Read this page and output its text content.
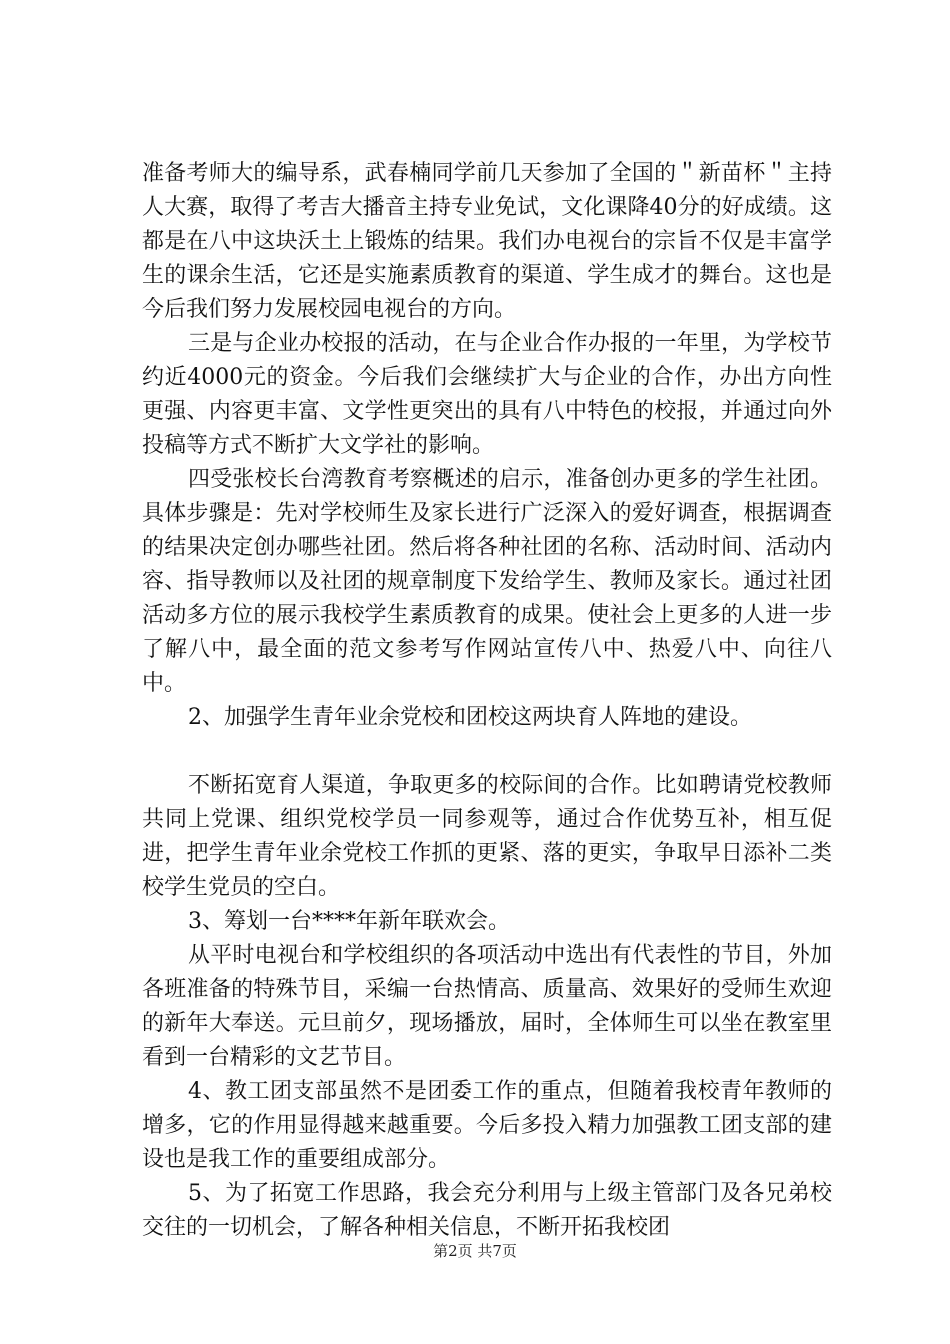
准备考师大的编导系，武春楠同学前几天参加了全国的＂新苗杯＂主持人大赛，取得了考吉大播音主持专业免试，文化课降40分的好成绩。这都是在八中这块沃土上锻炼的结果。我们办电视台的宗旨不仅是丰富学生的课余生活，它还是实施素质教育的渠道、学生成才的舞台。这也是今后我们努力发展校园电视台的方向。

三是与企业办校报的活动，在与企业合作办报的一年里，为学校节约近4000元的资金。今后我们会继续扩大与企业的合作，办出方向性更强、内容更丰富、文学性更突出的具有八中特色的校报，并通过向外投稿等方式不断扩大文学社的影响。

四受张校长台湾教育考察概述的启示，准备创办更多的学生社团。具体步骤是：先对学校师生及家长进行广泛深入的爱好调查，根据调查的结果决定创办哪些社团。然后将各种社团的名称、活动时间、活动内容、指导教师以及社团的规章制度下发给学生、教师及家长。通过社团活动多方位的展示我校学生素质教育的成果。使社会上更多的人进一步了解八中，最全面的范文参考写作网站宣传八中、热爱八中、向往八中。

2、加强学生青年业余党校和团校这两块育人阵地的建设。

不断拓宽育人渠道，争取更多的校际间的合作。比如聘请党校教师共同上党课、组织党校学员一同参观等，通过合作优势互补，相互促进，把学生青年业余党校工作抓的更紧、落的更实，争取早日添补二类校学生党员的空白。

3、筹划一台****年新年联欢会。

从平时电视台和学校组织的各项活动中选出有代表性的节目，外加各班准备的特殊节目，采编一台热情高、质量高、效果好的受师生欢迎的新年大奉送。元旦前夕，现场播放，届时，全体师生可以坐在教室里看到一台精彩的文艺节目。

4、教工团支部虽然不是团委工作的重点，但随着我校青年教师的增多，它的作用显得越来越重要。今后多投入精力加强教工团支部的建设也是我工作的重要组成部分。

5、为了拓宽工作思路，我会充分利用与上级主管部门及各兄弟校交往的一切机会，了解各种相关信息，不断开拓我校团

第2页 共7页
